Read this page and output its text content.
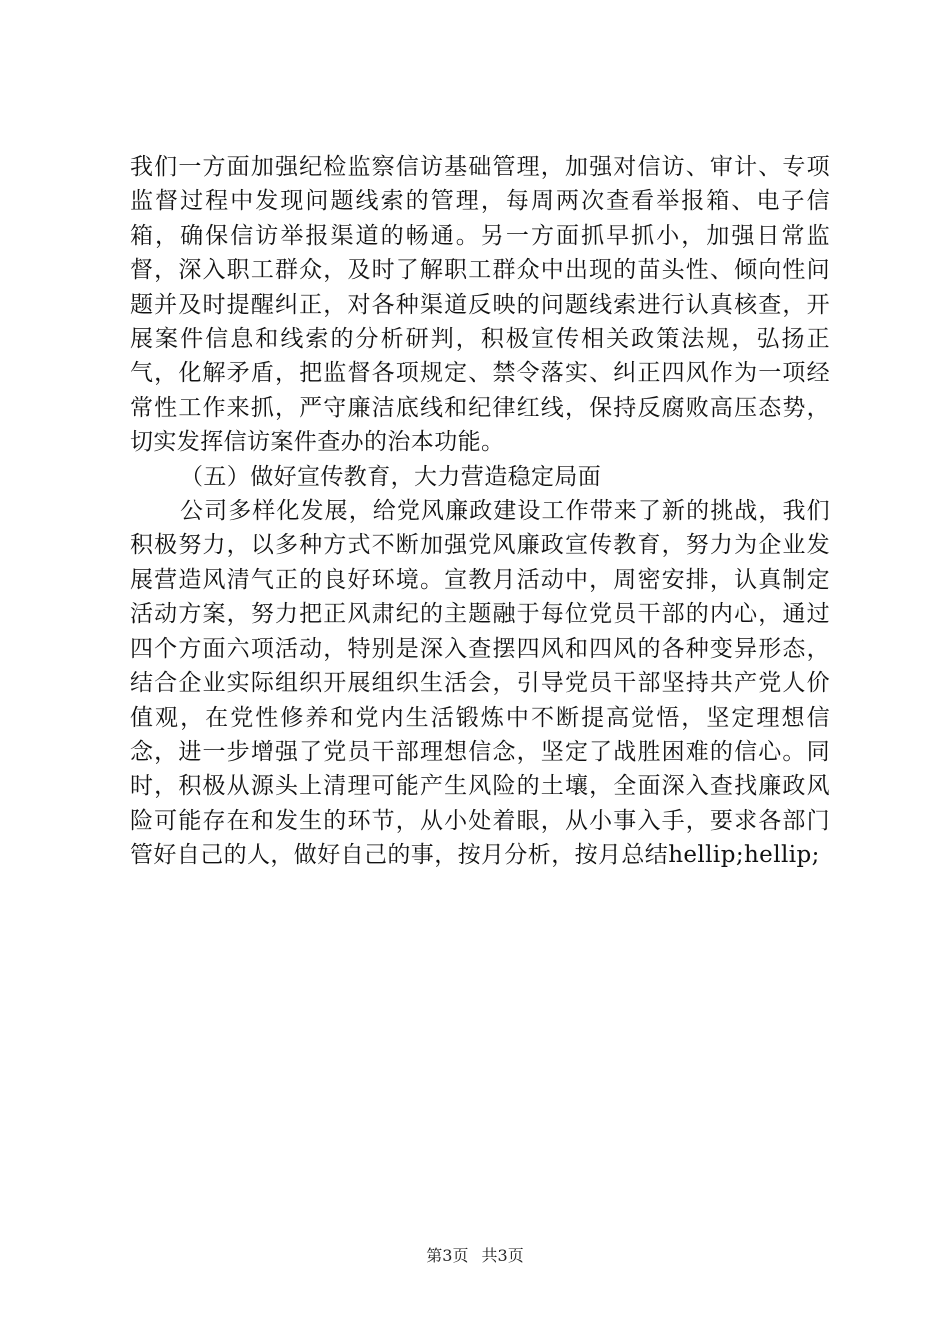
我们一方面加强纪检监察信访基础管理，加强对信访、审计、专项监督过程中发现问题线索的管理，每周两次查看举报箱、电子信箱，确保信访举报渠道的畅通。另一方面抓早抓小，加强日常监督，深入职工群众，及时了解职工群众中出现的苗头性、倾向性问题并及时提醒纠正，对各种渠道反映的问题线索进行认真核查，开展案件信息和线索的分析研判，积极宣传相关政策法规，弘扬正气，化解矛盾，把监督各项规定、禁令落实、纠正四风作为一项经常性工作来抓，严守廉洁底线和纪律红线，保持反腐败高压态势，切实发挥信访案件查办的治本功能。

（五）做好宣传教育，大力营造稳定局面

公司多样化发展，给党风廉政建设工作带来了新的挑战，我们积极努力，以多种方式不断加强党风廉政宣传教育，努力为企业发展营造风清气正的良好环境。宣教月活动中，周密安排，认真制定活动方案，努力把正风肃纪的主题融于每位党员干部的内心，通过四个方面六项活动，特别是深入查摆四风和四风的各种变异形态，结合企业实际组织开展组织生活会，引导党员干部坚持共产党人价值观，在党性修养和党内生活锻炼中不断提高觉悟，坚定理想信念，进一步增强了党员干部理想信念，坚定了战胜困难的信心。同时，积极从源头上清理可能产生风险的土壤，全面深入查找廉政风险可能存在和发生的环节，从小处着眼，从小事入手，要求各部门管好自己的人，做好自己的事，按月分析，按月总结hellip;hellip;

第3页 共3页
